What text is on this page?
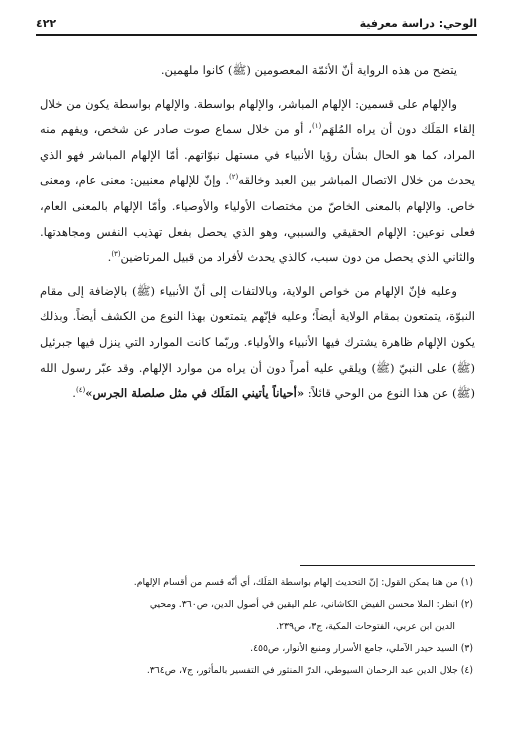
الوحي: دراسة معرفية
٤٢٢

يتضح من هذه الرواية أنّ الأئمّة المعصومين (ﷺ) كانوا ملهمين.

والإلهام على قسمين: الإلهام المباشر، والإلهام بواسطة. والإلهام بواسطة يكون من خلال إلقاء المَلَك دون أن يراه المُلهَم$^{(١)}$، أو من خلال سماع صوت صادر عن شخص، ويفهم منه المراد، كما هو الحال بشأن رؤيا الأنبياء في مستهل نبوّاتهم. أمّا الإلهام المباشر فهو الذي يحدث من خلال الاتصال المباشر بين العبد وخالقه$^{(٢)}$. وإنّ للإلهام معنيين: معنى عام، ومعنى خاص. والإلهام بالمعنى الخاصّ من مختصات الأولياء والأوصياء. وأمّا الإلهام بالمعنى العام، فعلى نوعين: الإلهام الحقيقي والسببي، وهو الذي يحصل بفعل تهذيب النفس ومجاهدتها. والثاني الذي يحصل من دون سبب، كالذي يحدث لأفراد من قبيل المرتاضين$^{(٣)}$.

وعليه فإنّ الإلهام من خواص الولاية، وبالالتفات إلى أنّ الأنبياء (ﷺ) بالإضافة إلى مقام النبوّة، يتمتعون بمقام الولاية أيضاً؛ وعليه فإنّهم يتمتعون بهذا النوع من الكشف أيضاً. وبذلك يكون الإلهام ظاهرة يشترك فيها الأنبياء والأولياء. وربّما كانت الموارد التي ينزل فيها جبرئيل (ﷺ) على النبيّ (ﷺ) ويلقي عليه أمراً دون أن يراه من موارد الإلهام. وقد عبّر رسول الله (ﷺ) عن هذا النوع من الوحي قائلاً: «أحياناً يأتيني المَلَك في مثل صلصلة الجرس»$^{(٤)}$.

(١) من هنا يمكن القول: إنّ التحديث إلهام بواسطة المَلَك، أي أنّه قسم من أقسام الإلهام.

(٢) انظر: الملا محسن الفيض الكاشاني، علم اليقين في أصول الدين، ص٣٦٠. ومحيي

الدين ابن عربي، الفتوحات المكية، ج٣، ص٢٣٩.

(٣) السيد حيدر الآملي، جامع الأسرار ومنبع الأنوار، ص٤٥٥.

(٤) جلال الدين عبد الرحمان السيوطي، الدرّ المنثور في التفسير بالمأثور، ج٧، ص٣٦٤.
